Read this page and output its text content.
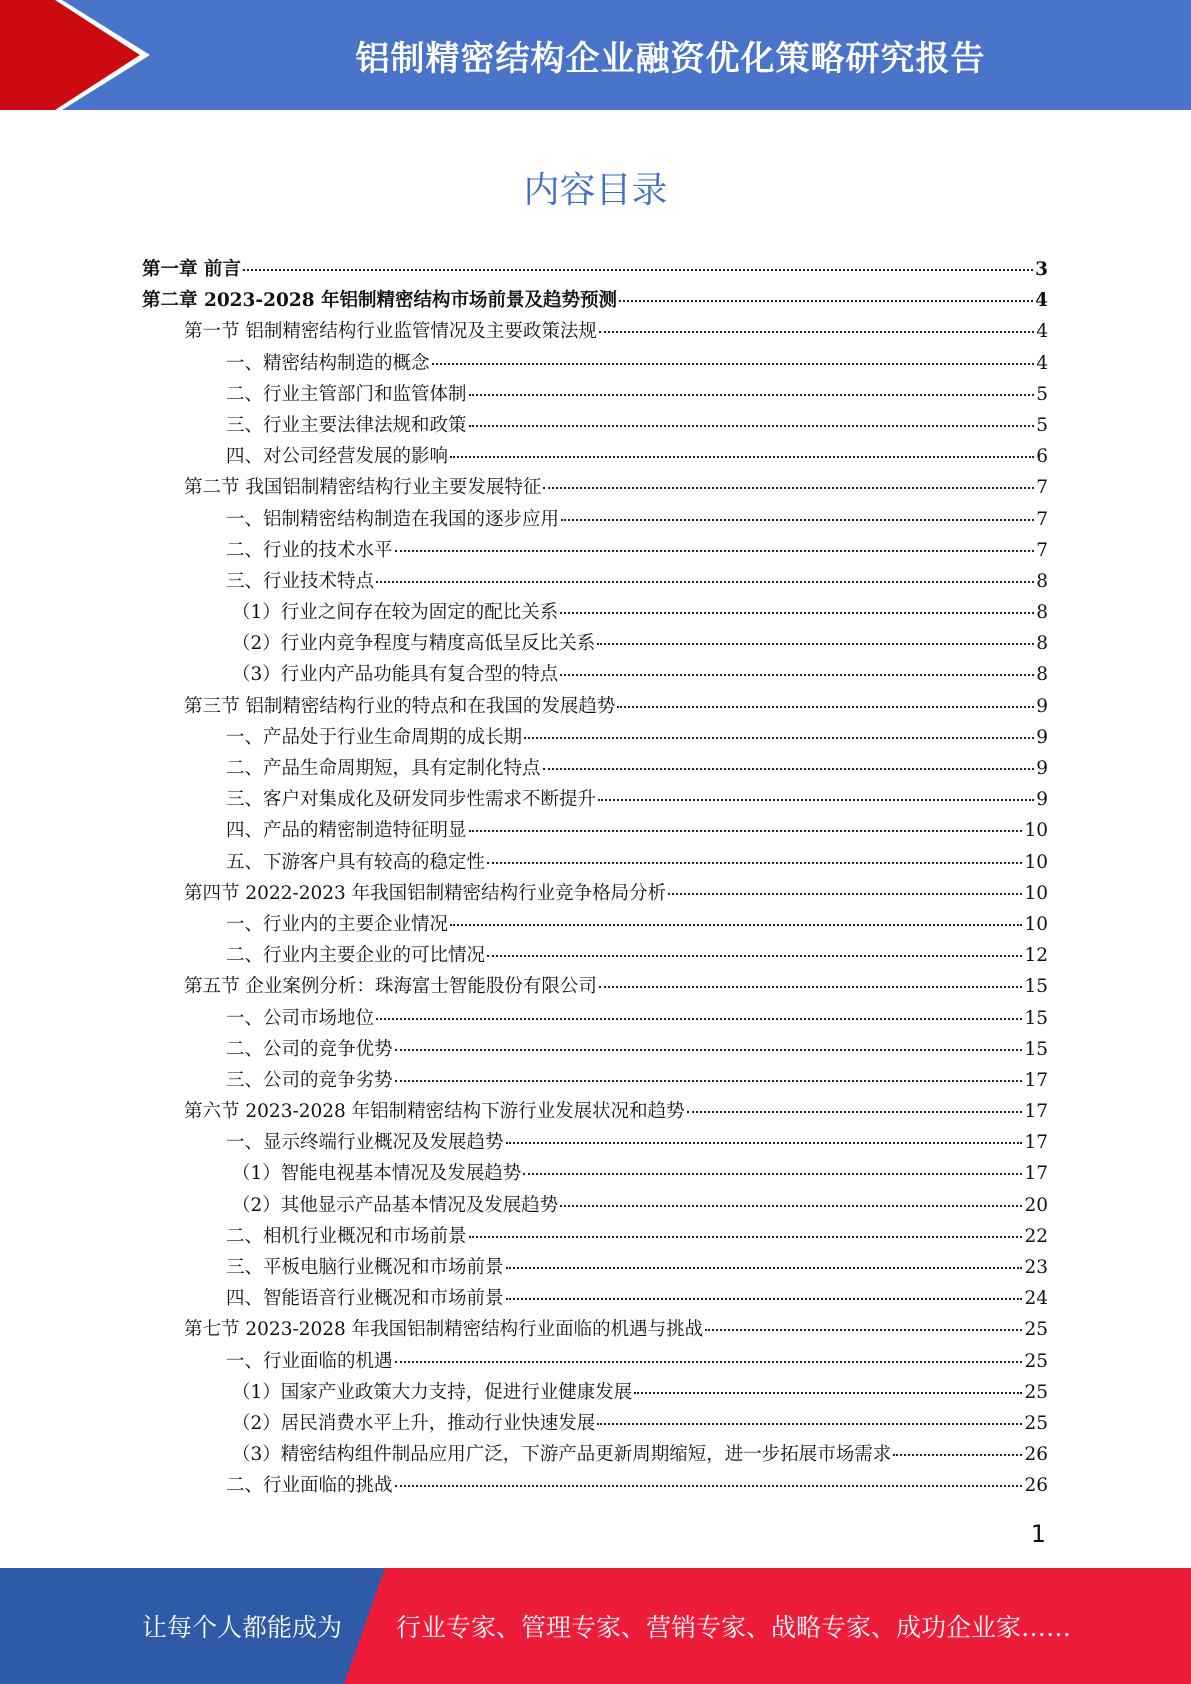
铝制精密结构企业融资优化策略研究报告
内容目录
第一章 前言	3
第二章 2023-2028 年铝制精密结构市场前景及趋势预测	4
第一节 铝制精密结构行业监管情况及主要政策法规	4
一、精密结构制造的概念	4
二、行业主管部门和监管体制	5
三、行业主要法律法规和政策	5
四、对公司经营发展的影响	6
第二节 我国铝制精密结构行业主要发展特征	7
一、铝制精密结构制造在我国的逐步应用	7
二、行业的技术水平	7
三、行业技术特点	8
（1）行业之间存在较为固定的配比关系	8
（2）行业内竞争程度与精度高低呈反比关系	8
（3）行业内产品功能具有复合型的特点	8
第三节 铝制精密结构行业的特点和在我国的发展趋势	9
一、产品处于行业生命周期的成长期	9
二、产品生命周期短，具有定制化特点	9
三、客户对集成化及研发同步性需求不断提升	9
四、产品的精密制造特征明显	10
五、下游客户具有较高的稳定性	10
第四节 2022-2023 年我国铝制精密结构行业竞争格局分析	10
一、行业内的主要企业情况	10
二、行业内主要企业的可比情况	12
第五节 企业案例分析：珠海富士智能股份有限公司	15
一、公司市场地位	15
二、公司的竞争优势	15
三、公司的竞争劣势	17
第六节 2023-2028 年铝制精密结构下游行业发展状况和趋势	17
一、显示终端行业概况及发展趋势	17
（1）智能电视基本情况及发展趋势	17
（2）其他显示产品基本情况及发展趋势	20
二、相机行业概况和市场前景	22
三、平板电脑行业概况和市场前景	23
四、智能语音行业概况和市场前景	24
第七节 2023-2028 年我国铝制精密结构行业面临的机遇与挑战	25
一、行业面临的机遇	25
（1）国家产业政策大力支持，促进行业健康发展	25
（2）居民消费水平上升，推动行业快速发展	25
（3）精密结构组件制品应用广泛，下游产品更新周期缩短，进一步拓展市场需求	26
二、行业面临的挑战	26
1
让每个人都能成为 行业专家、管理专家、营销专家、战略专家、成功企业家……
